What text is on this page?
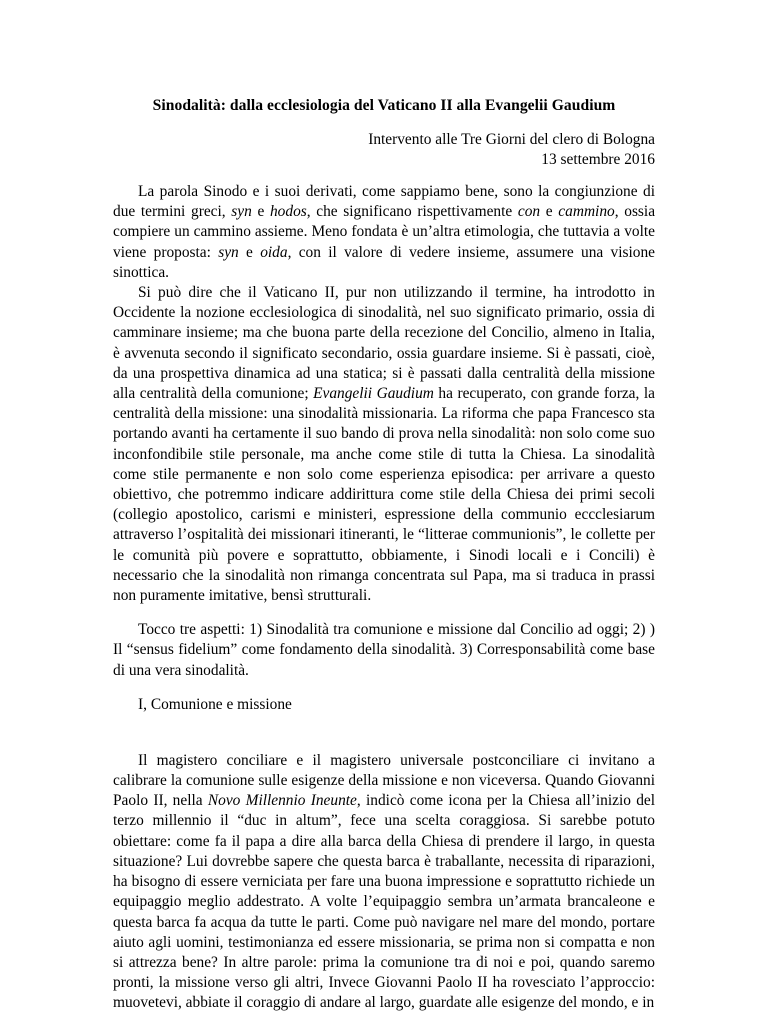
Sinodalità: dalla ecclesiologia del Vaticano II alla Evangelii Gaudium
Intervento alle Tre Giorni del clero di Bologna
13 settembre 2016

La parola Sinodo e i suoi derivati, come sappiamo bene, sono la congiunzione di due termini greci, syn e hodos, che significano rispettivamente con e cammino, ossia compiere un cammino assieme. Meno fondata è un’altra etimologia, che tuttavia a volte viene proposta: syn e oida, con il valore di vedere insieme, assumere una visione sinottica.

Si può dire che il Vaticano II, pur non utilizzando il termine, ha introdotto in Occidente la nozione ecclesiologica di sinodalità, nel suo significato primario, ossia di camminare insieme; ma che buona parte della recezione del Concilio, almeno in Italia, è avvenuta secondo il significato secondario, ossia guardare insieme. Si è passati, cioè, da una prospettiva dinamica ad una statica; si è passati dalla centralità della missione alla centralità della comunione; Evangelii Gaudium ha recuperato, con grande forza, la centralità della missione: una sinodalità missionaria. La riforma che papa Francesco sta portando avanti ha certamente il suo bando di prova nella sinodalità: non solo come suo inconfondibile stile personale, ma anche come stile di tutta la Chiesa. La sinodalità come stile permanente e non solo come esperienza episodica: per arrivare a questo obiettivo, che potremmo indicare addirittura come stile della Chiesa dei primi secoli (collegio apostolico, carismi e ministeri, espressione della communio eccclesiarum attraverso l’ospitalità dei missionari itineranti, le “litterae communionis”, le collette per le comunità più povere e soprattutto, obbiamente, i Sinodi locali e i Concili) è necessario che la sinodalità non rimanga concentrata sul Papa, ma si traduca in prassi non puramente imitative, bensì strutturali.

Tocco tre aspetti: 1) Sinodalità tra comunione e missione dal Concilio ad oggi; 2) ) Il “sensus fidelium” come fondamento della sinodalità. 3) Corresponsabilità come base di una vera sinodalità.

I, Comunione e missione

Il magistero conciliare e il magistero universale postconciliare ci invitano a calibrare la comunione sulle esigenze della missione e non viceversa. Quando Giovanni Paolo II, nella Novo Millennio Ineunte, indicò come icona per la Chiesa all’inizio del terzo millennio il “duc in altum”, fece una scelta coraggiosa. Si sarebbe potuto obiettare: come fa il papa a dire alla barca della Chiesa di prendere il largo, in questa situazione? Lui dovrebbe sapere che questa barca è traballante, necessita di riparazioni, ha bisogno di essere verniciata per fare una buona impressione e soprattutto richiede un equipaggio meglio addestrato. A volte l’equipaggio sembra un’armata brancaleone e questa barca fa acqua da tutte le parti. Come può navigare nel mare del mondo, portare aiuto agli uomini, testimonianza ed essere missionaria, se prima non si compatta e non si attrezza bene? In altre parole: prima la comunione tra di noi e poi, quando saremo pronti, la missione verso gli altri, Invece Giovanni Paolo II ha rovesciato l’approccio: muovetevi, abbiate il coraggio di andare al largo, guardate alle esigenze del mondo, e in
